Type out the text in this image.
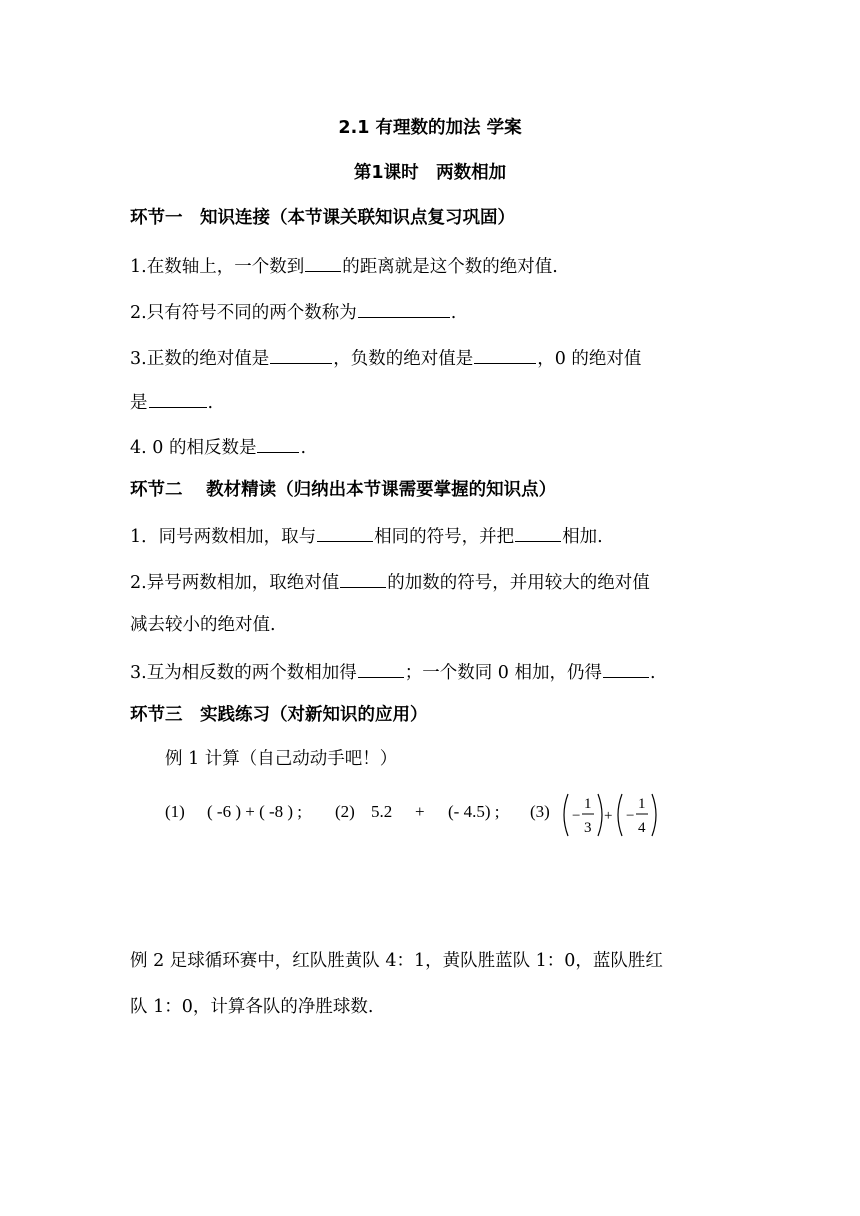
2.1 有理数的加法 学案
第1课时　两数相加
环节一　知识连接（本节课关联知识点复习巩固）
1.在数轴上，一个数到 的距离就是这个数的绝对值.
2.只有符号不同的两个数称为	.
3.正数的绝对值是	，负数的绝对值是	，0 的绝对值
是	.
4. 0 的相反数是	.
环节二　 教材精读（归纳出本节课需要掌握的知识点）
1．同号两数相加，取与	相同的符号，并把	相加.
2.异号两数相加，取绝对值	的加数的符号，并用较大的绝对值
减去较小的绝对值.
3.互为相反数的两个数相加得	；一个数同 0 相加，仍得	.
环节三　实践练习（对新知识的应用）
例 1 计算（自己动动手吧！）
(1) ( -6 ) + ( -8 ) ; (2) 5.2 + (- 4.5) ; (3) −
1
3
+ −
1
4
例 2 足球循环赛中，红队胜黄队 4：1，黄队胜蓝队 1：0，蓝队胜红
队 1：0，计算各队的净胜球数.
